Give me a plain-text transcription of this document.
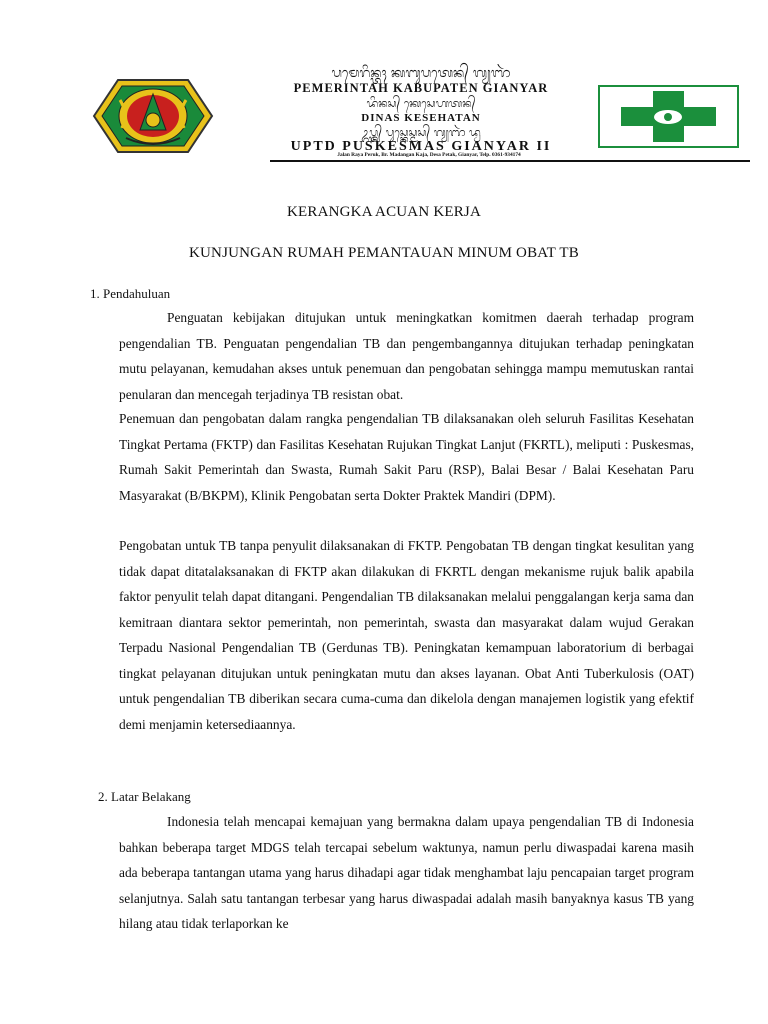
ᬧᬫᬾᬭᬶᬦ᭄ᬢᬄ ᬓᬩᬸᬧᬢᬾᬦ᭄ ᬕ᭄ᬬᬜᬃ
PEMERINTAH KABUPATEN GIANYAR
ᬤᬶᬦᬲ᭄ ᬓᬾᬲᬾᬳᬢᬦ᭄
DINAS KESEHATAN
ᬉᬧ᭄ᬢ᭄ᬤ᭄ ᬧᬸᬲ᭄ᬓᬾᬲ᭄ᬫᬲ᭄ ᬕ᭄ᬬᬜᬃ ᬤ᭄ᬯ
UPTD PUSKESMAS GIANYAR II
Jalan Raya Peruk, Br. Madangan Kaja, Desa Petak, Gianyar, Telp. 0361-934174
KERANGKA ACUAN KERJA
KUNJUNGAN RUMAH PEMANTAUAN MINUM OBAT TB
1. Pendahuluan

Penguatan kebijakan ditujukan untuk meningkatkan komitmen daerah terhadap program pengendalian TB. Penguatan pengendalian TB dan pengembangannya ditujukan terhadap peningkatan mutu pelayanan, kemudahan akses untuk penemuan dan pengobatan sehingga mampu memutuskan rantai penularan dan mencegah terjadinya TB resistan obat.

Penemuan dan pengobatan dalam rangka pengendalian TB dilaksanakan oleh seluruh Fasilitas Kesehatan Tingkat Pertama (FKTP) dan Fasilitas Kesehatan Rujukan Tingkat Lanjut (FKRTL), meliputi : Puskesmas, Rumah Sakit Pemerintah dan Swasta, Rumah Sakit Paru (RSP), Balai Besar / Balai Kesehatan Paru Masyarakat (B/BKPM), Klinik Pengobatan serta Dokter Praktek Mandiri (DPM).

Pengobatan untuk TB tanpa penyulit dilaksanakan di FKTP. Pengobatan TB dengan tingkat kesulitan yang tidak dapat ditatalaksanakan di FKTP akan dilakukan di FKRTL dengan mekanisme rujuk balik apabila faktor penyulit telah dapat ditangani. Pengendalian TB dilaksanakan melalui penggalangan kerja sama dan kemitraan diantara sektor pemerintah, non pemerintah, swasta dan masyarakat dalam wujud Gerakan Terpadu Nasional Pengendalian TB (Gerdunas TB). Peningkatan kemampuan laboratorium di berbagai tingkat pelayanan ditujukan untuk peningkatan mutu dan akses layanan. Obat Anti Tuberkulosis (OAT) untuk pengendalian TB diberikan secara cuma-cuma dan dikelola dengan manajemen logistik yang efektif demi menjamin ketersediaannya.

2. Latar Belakang

Indonesia telah mencapai kemajuan yang bermakna dalam upaya pengendalian TB di Indonesia bahkan beberapa target MDGS telah tercapai sebelum waktunya, namun perlu diwaspadai karena masih ada beberapa tantangan utama yang harus dihadapi agar tidak menghambat laju pencapaian target program selanjutnya. Salah satu tantangan terbesar yang harus diwaspadai adalah masih banyaknya kasus TB yang hilang atau tidak terlaporkan ke
